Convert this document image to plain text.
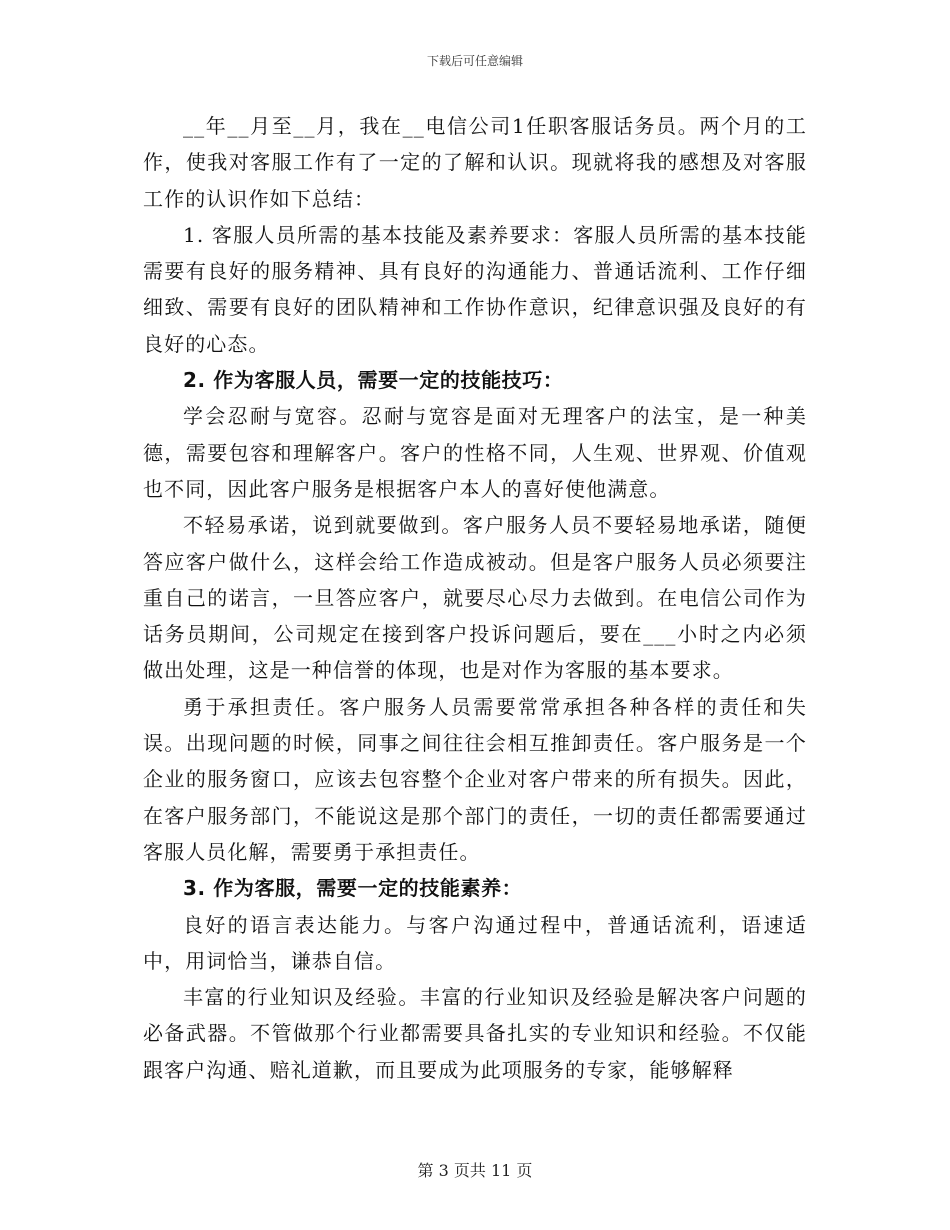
下载后可任意编辑

__年__月至__月，我在__电信公司1任职客服话务员。两个月的工作，使我对客服工作有了一定的了解和认识。现就将我的感想及对客服工作的认识作如下总结：

1. 客服人员所需的基本技能及素养要求：客服人员所需的基本技能需要有良好的服务精神、具有良好的沟通能力、普通话流利、工作仔细细致、需要有良好的团队精神和工作协作意识，纪律意识强及良好的有良好的心态。

2. 作为客服人员，需要一定的技能技巧：

学会忍耐与宽容。忍耐与宽容是面对无理客户的法宝，是一种美德，需要包容和理解客户。客户的性格不同，人生观、世界观、价值观也不同，因此客户服务是根据客户本人的喜好使他满意。

不轻易承诺，说到就要做到。客户服务人员不要轻易地承诺，随便答应客户做什么，这样会给工作造成被动。但是客户服务人员必须要注重自己的诺言，一旦答应客户，就要尽心尽力去做到。在电信公司作为话务员期间，公司规定在接到客户投诉问题后，要在___小时之内必须做出处理，这是一种信誉的体现，也是对作为客服的基本要求。

勇于承担责任。客户服务人员需要常常承担各种各样的责任和失误。出现问题的时候，同事之间往往会相互推卸责任。客户服务是一个企业的服务窗口，应该去包容整个企业对客户带来的所有损失。因此，在客户服务部门，不能说这是那个部门的责任，一切的责任都需要通过客服人员化解，需要勇于承担责任。

3. 作为客服，需要一定的技能素养：

良好的语言表达能力。与客户沟通过程中，普通话流利，语速适中，用词恰当，谦恭自信。

丰富的行业知识及经验。丰富的行业知识及经验是解决客户问题的必备武器。不管做那个行业都需要具备扎实的专业知识和经验。不仅能跟客户沟通、赔礼道歉，而且要成为此项服务的专家，能够解释

第 3 页共 11 页
